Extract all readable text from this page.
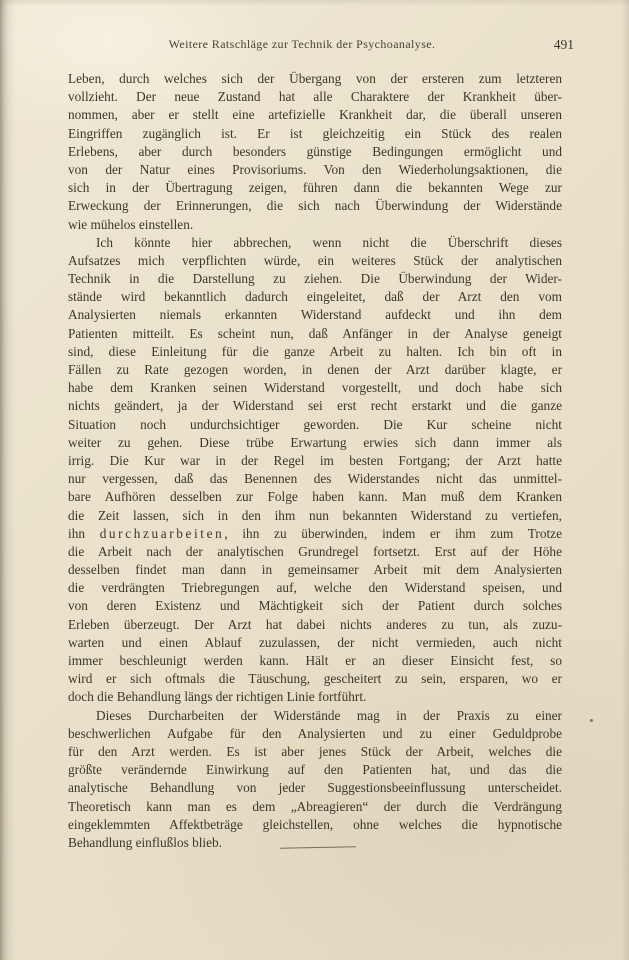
Weitere Ratschläge zur Technik der Psychoanalyse.	491
Leben, durch welches sich der Übergang von der ersteren zum letzteren
vollzieht. Der neue Zustand hat alle Charaktere der Krankheit über-
nommen, aber er stellt eine artefizielle Krankheit dar, die überall unseren
Eingriffen zugänglich ist. Er ist gleichzeitig ein Stück des realen
Erlebens, aber durch besonders günstige Bedingungen ermöglicht und
von der Natur eines Provisoriums. Von den Wiederholungsaktionen, die
sich in der Übertragung zeigen, führen dann die bekannten Wege zur
Erweckung der Erinnerungen, die sich nach Überwindung der Widerstände
wie mühelos einstellen.
Ich könnte hier abbrechen, wenn nicht die Überschrift dieses
Aufsatzes mich verpflichten würde, ein weiteres Stück der analytischen
Technik in die Darstellung zu ziehen. Die Überwindung der Wider-
stände wird bekanntlich dadurch eingeleitet, daß der Arzt den vom
Analysierten niemals erkannten Widerstand aufdeckt und ihn dem
Patienten mitteilt. Es scheint nun, daß Anfänger in der Analyse geneigt
sind, diese Einleitung für die ganze Arbeit zu halten. Ich bin oft in
Fällen zu Rate gezogen worden, in denen der Arzt darüber klagte, er
habe dem Kranken seinen Widerstand vorgestellt, und doch habe sich
nichts geändert, ja der Widerstand sei erst recht erstarkt und die ganze
Situation noch undurchsichtiger geworden. Die Kur scheine nicht
weiter zu gehen. Diese trübe Erwartung erwies sich dann immer als
irrig. Die Kur war in der Regel im besten Fortgang; der Arzt hatte
nur vergessen, daß das Benennen des Widerstandes nicht das unmittel-
bare Aufhören desselben zur Folge haben kann. Man muß dem Kranken
die Zeit lassen, sich in den ihm nun bekannten Widerstand zu vertiefen,
ihn durchzuarbeiten, ihn zu überwinden, indem er ihm zum Trotze
die Arbeit nach der analytischen Grundregel fortsetzt. Erst auf der Höhe
desselben findet man dann in gemeinsamer Arbeit mit dem Analysierten
die verdrängten Triebregungen auf, welche den Widerstand speisen, und
von deren Existenz und Mächtigkeit sich der Patient durch solches
Erleben überzeugt. Der Arzt hat dabei nichts anderes zu tun, als zuzu-
warten und einen Ablauf zuzulassen, der nicht vermieden, auch nicht
immer beschleunigt werden kann. Hält er an dieser Einsicht fest, so
wird er sich oftmals die Täuschung, gescheitert zu sein, ersparen, wo er
doch die Behandlung längs der richtigen Linie fortführt.
Dieses Durcharbeiten der Widerstände mag in der Praxis zu einer
beschwerlichen Aufgabe für den Analysierten und zu einer Geduldprobe
für den Arzt werden. Es ist aber jenes Stück der Arbeit, welches die
größte verändernde Einwirkung auf den Patienten hat, und das die
analytische Behandlung von jeder Suggestionsbeeinflussung unterscheidet.
Theoretisch kann man es dem „Abreagieren“ der durch die Verdrängung
eingeklemmten Affektbeträge gleichstellen, ohne welches die hypnotische
Behandlung einflußlos blieb.
